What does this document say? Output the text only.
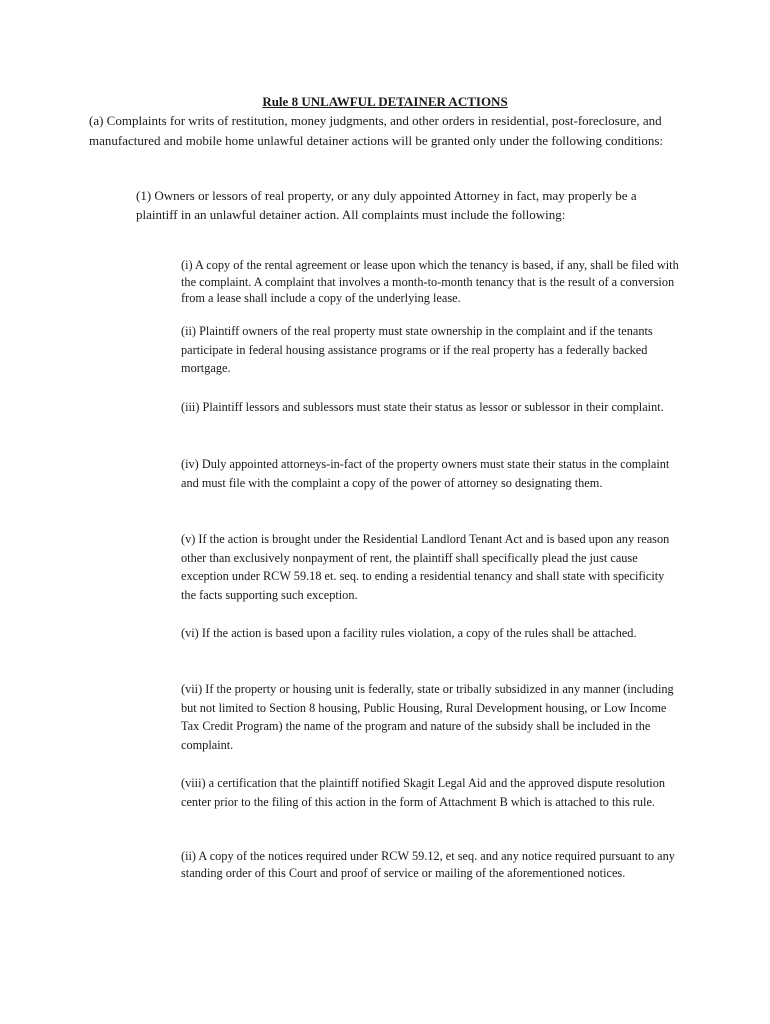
Rule 8 UNLAWFUL DETAINER ACTIONS

(a) Complaints for writs of restitution, money judgments, and other orders in residential, post-foreclosure, and manufactured and mobile home unlawful detainer actions will be granted only under the following conditions:

(1) Owners or lessors of real property, or any duly appointed Attorney in fact, may properly be a plaintiff in an unlawful detainer action. All complaints must include the following:

(i) A copy of the rental agreement or lease upon which the tenancy is based, if any, shall be filed with the complaint. A complaint that involves a month-to-month tenancy that is the result of a conversion from a lease shall include a copy of the underlying lease.

(ii) Plaintiff owners of the real property must state ownership in the complaint and if the tenants participate in federal housing assistance programs or if the real property has a federally backed mortgage.

(iii) Plaintiff lessors and sublessors must state their status as lessor or sublessor in their complaint.

(iv) Duly appointed attorneys-in-fact of the property owners must state their status in the complaint and must file with the complaint a copy of the power of attorney so designating them.

(v) If the action is brought under the Residential Landlord Tenant Act and is based upon any reason other than exclusively nonpayment of rent, the plaintiff shall specifically plead the just cause exception under RCW 59.18 et. seq. to ending a residential tenancy and shall state with specificity the facts supporting such exception.

(vi) If the action is based upon a facility rules violation, a copy of the rules shall be attached.

(vii) If the property or housing unit is federally, state or tribally subsidized in any manner (including but not limited to Section 8 housing, Public Housing, Rural Development housing, or Low Income Tax Credit Program) the name of the program and nature of the subsidy shall be included in the complaint.

(viii) a certification that the plaintiff notified Skagit Legal Aid and the approved dispute resolution center prior to the filing of this action in the form of Attachment B which is attached to this rule.

(ii) A copy of the notices required under RCW 59.12, et seq. and any notice required pursuant to any standing order of this Court and proof of service or mailing of the aforementioned notices.
